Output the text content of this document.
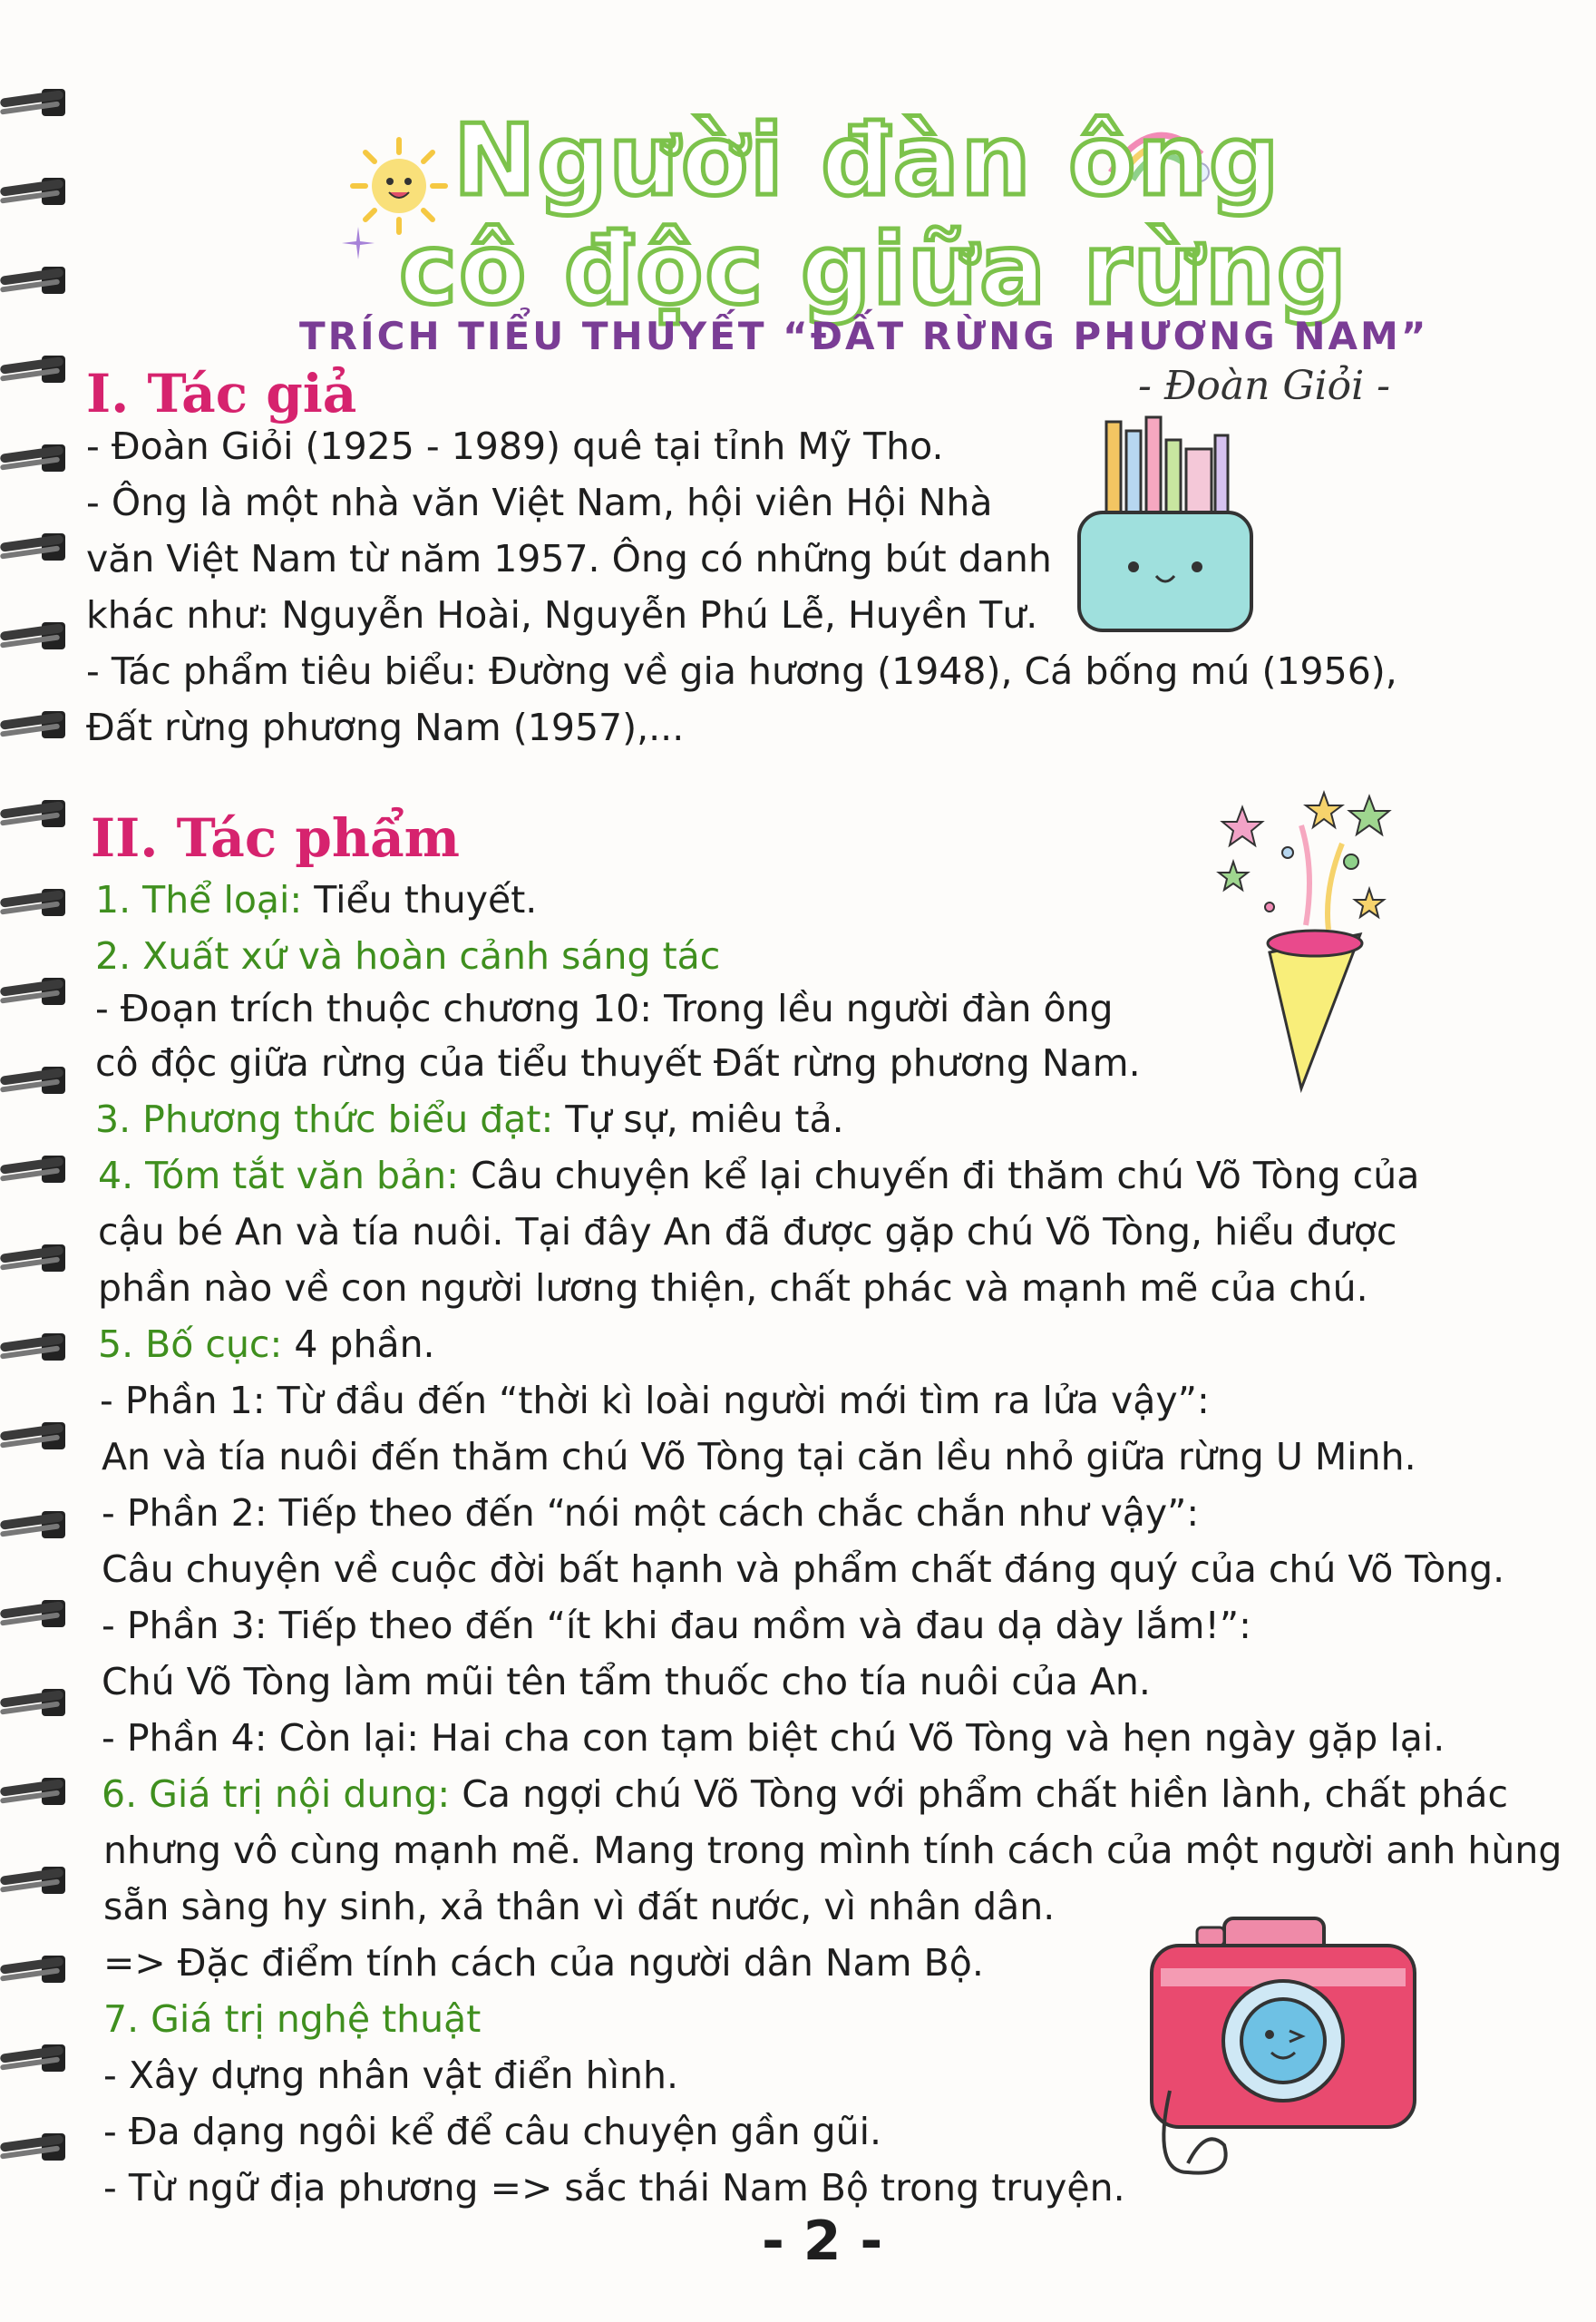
Người đàn ông
cô độc giữa rừng
TRÍCH TIỂU THUYẾT “ĐẤT RỪNG PHƯƠNG NAM”
- Đoàn Giỏi -
I. Tác giả
- Đoàn Giỏi (1925 - 1989) quê tại tỉnh Mỹ Tho.
- Ông là một nhà văn Việt Nam, hội viên Hội Nhà
văn Việt Nam từ năm 1957. Ông có những bút danh
khác như: Nguyễn Hoài, Nguyễn Phú Lễ, Huyền Tư.
- Tác phẩm tiêu biểu: Đường về gia hương (1948), Cá bống mú (1956),
Đất rừng phương Nam (1957),...
II. Tác phẩm
1. Thể loại: Tiểu thuyết.
2. Xuất xứ và hoàn cảnh sáng tác
- Đoạn trích thuộc chương 10: Trong lều người đàn ông
cô độc giữa rừng của tiểu thuyết Đất rừng phương Nam.
3. Phương thức biểu đạt: Tự sự, miêu tả.
4. Tóm tắt văn bản: Câu chuyện kể lại chuyến đi thăm chú Võ Tòng của
cậu bé An và tía nuôi. Tại đây An đã được gặp chú Võ Tòng, hiểu được
phần nào về con người lương thiện, chất phác và mạnh mẽ của chú.
5. Bố cục: 4 phần.
- Phần 1: Từ đầu đến “thời kì loài người mới tìm ra lửa vậy”:
An và tía nuôi đến thăm chú Võ Tòng tại căn lều nhỏ giữa rừng U Minh.
- Phần 2: Tiếp theo đến “nói một cách chắc chắn như vậy”:
Câu chuyện về cuộc đời bất hạnh và phẩm chất đáng quý của chú Võ Tòng.
- Phần 3: Tiếp theo đến “ít khi đau mồm và đau dạ dày lắm!”:
Chú Võ Tòng làm mũi tên tẩm thuốc cho tía nuôi của An.
- Phần 4: Còn lại: Hai cha con tạm biệt chú Võ Tòng và hẹn ngày gặp lại.
6. Giá trị nội dung: Ca ngợi chú Võ Tòng với phẩm chất hiền lành, chất phác
nhưng vô cùng mạnh mẽ. Mang trong mình tính cách của một người anh hùng
sẵn sàng hy sinh, xả thân vì đất nước, vì nhân dân.
=> Đặc điểm tính cách của người dân Nam Bộ.
7. Giá trị nghệ thuật
- Xây dựng nhân vật điển hình.
- Đa dạng ngôi kể để câu chuyện gần gũi.
- Từ ngữ địa phương => sắc thái Nam Bộ trong truyện.
- 2 -
